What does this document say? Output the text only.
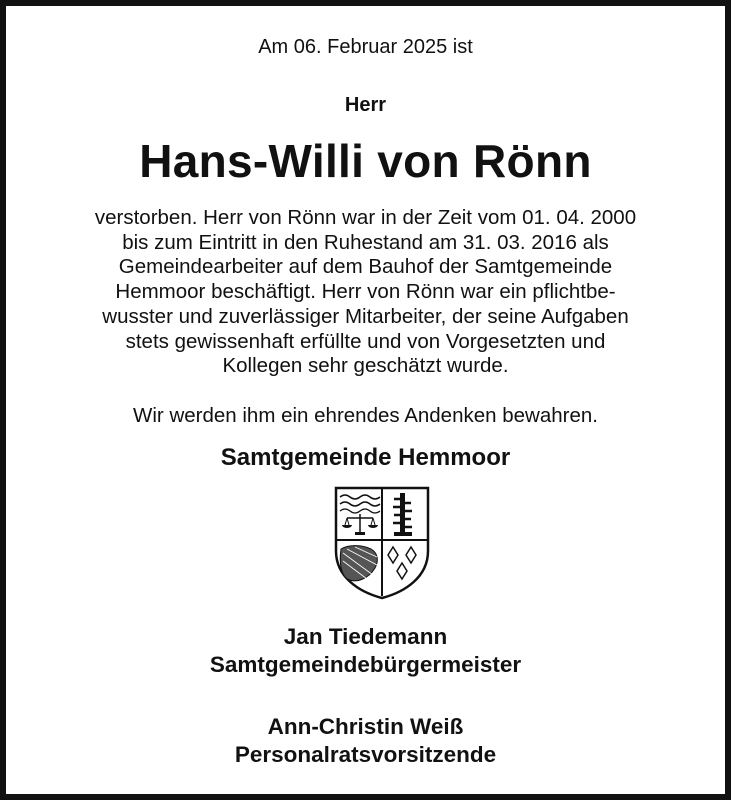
Am 06. Februar 2025 ist
Herr
Hans-Willi von Rönn
verstorben. Herr von Rönn war in der Zeit vom 01. 04. 2000
bis zum Eintritt in den Ruhestand am 31. 03. 2016 als
Gemeindearbeiter auf dem Bauhof der Samtgemeinde
Hemmoor beschäftigt. Herr von Rönn war ein pflichtbe-
wusster und zuverlässiger Mitarbeiter, der seine Aufgaben
stets gewissenhaft erfüllte und von Vorgesetzten und
Kollegen sehr geschätzt wurde.
Wir werden ihm ein ehrendes Andenken bewahren.
Samtgemeinde Hemmoor
Jan Tiedemann
Samtgemeindebürgermeister
Ann-Christin Weiß
Personalratsvorsitzende
